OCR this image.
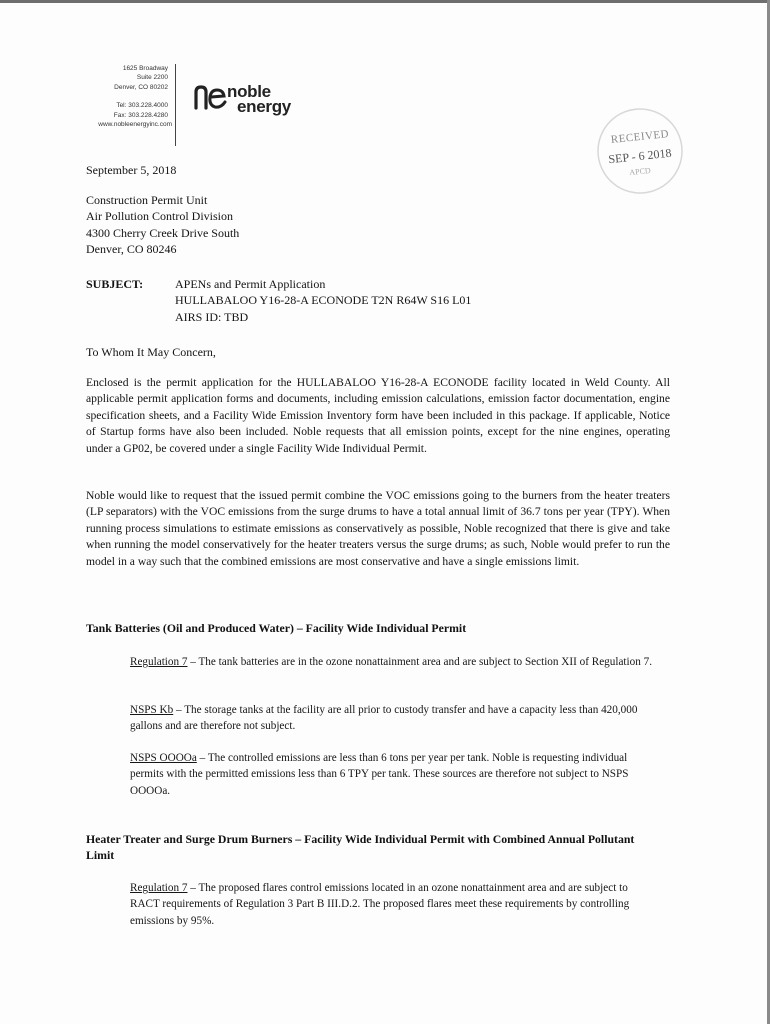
1625 Broadway
Suite 2200
Denver, CO 80202
Tel: 303.228.4000
Fax: 303.228.4280
www.nobleenergyinc.com
noble
energy
RECEIVED
SEP - 6 2018
APCD
September 5, 2018
Construction Permit Unit
Air Pollution Control Division
4300 Cherry Creek Drive South
Denver, CO 80246
SUBJECT:	APENs and Permit Application
HULLABALOO Y16-28-A ECONODE T2N R64W S16 L01
AIRS ID: TBD
To Whom It May Concern,
Enclosed is the permit application for the HULLABALOO Y16-28-A ECONODE facility located in Weld County. All applicable permit application forms and documents, including emission calculations, emission factor documentation, engine specification sheets, and a Facility Wide Emission Inventory form have been included in this package. If applicable, Notice of Startup forms have also been included. Noble requests that all emission points, except for the nine engines, operating under a GP02, be covered under a single Facility Wide Individual Permit.
Noble would like to request that the issued permit combine the VOC emissions going to the burners from the heater treaters (LP separators) with the VOC emissions from the surge drums to have a total annual limit of 36.7 tons per year (TPY). When running process simulations to estimate emissions as conservatively as possible, Noble recognized that there is give and take when running the model conservatively for the heater treaters versus the surge drums; as such, Noble would prefer to run the model in a way such that the combined emissions are most conservative and have a single emissions limit.
Tank Batteries (Oil and Produced Water) – Facility Wide Individual Permit
Regulation 7 – The tank batteries are in the ozone nonattainment area and are subject to Section XII of Regulation 7.
NSPS Kb – The storage tanks at the facility are all prior to custody transfer and have a capacity less than 420,000 gallons and are therefore not subject.
NSPS OOOOa – The controlled emissions are less than 6 tons per year per tank. Noble is requesting individual permits with the permitted emissions less than 6 TPY per tank. These sources are therefore not subject to NSPS OOOOa.
Heater Treater and Surge Drum Burners – Facility Wide Individual Permit with Combined Annual Pollutant Limit
Regulation 7 – The proposed flares control emissions located in an ozone nonattainment area and are subject to RACT requirements of Regulation 3 Part B III.D.2. The proposed flares meet these requirements by controlling emissions by 95%.
